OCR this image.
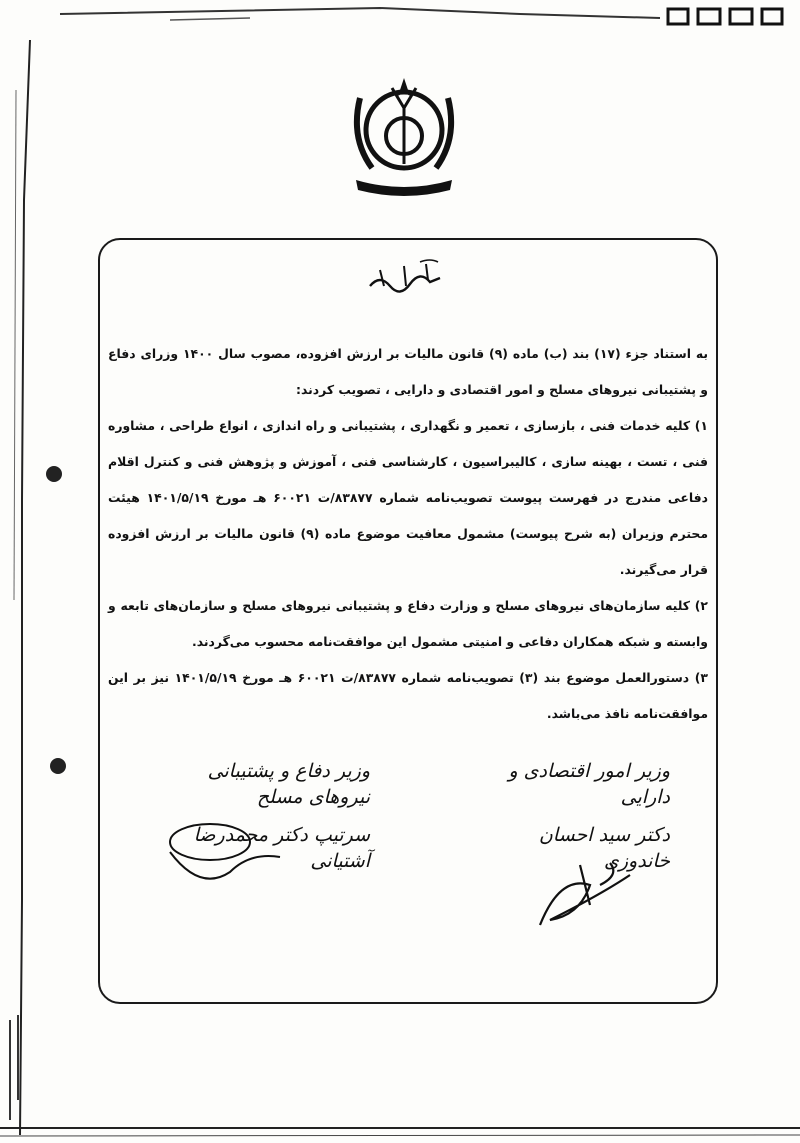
به استناد جزء (۱۷) بند (ب) ماده (۹) قانون مالیات بر ارزش افزوده، مصوب سال ۱۴۰۰ وزرای دفاع و پشتیبانی نیروهای مسلح و امور اقتصادی و دارایی ، تصویب کردند:

۱) کلیه خدمات فنی ، بازسازی ، تعمیر و نگهداری ، پشتیبانی و راه اندازی ، انواع طراحی ، مشاوره فنی ، تست ، بهینه سازی ، کالیبراسیون ، کارشناسی فنی ، آموزش و پژوهش فنی و کنترل اقلام دفاعی مندرج در فهرست پیوست تصویب‌نامه شماره ۸۳۸۷۷/ت ۶۰۰۲۱ هـ مورخ ۱۴۰۱/۵/۱۹ هیئت محترم وزیران (به شرح پیوست) مشمول معافیت موضوع ماده (۹) قانون مالیات بر ارزش افزوده قرار می‌گیرند.

۲) کلیه سازمان‌های نیروهای مسلح و وزارت دفاع و پشتیبانی نیروهای مسلح و سازمان‌های تابعه و وابسته و شبکه همکاران دفاعی و امنیتی مشمول این موافقت‌نامه محسوب می‌گردند.

۳) دستورالعمل موضوع بند (۳) تصویب‌نامه شماره ۸۳۸۷۷/ت ۶۰۰۲۱ هـ مورخ ۱۴۰۱/۵/۱۹ نیز بر این موافقت‌نامه نافذ می‌باشد.

وزیر امور اقتصادی و دارایی
دکتر سید احسان خاندوزی
وزیر دفاع و پشتیبانی نیروهای مسلح
سرتیپ دکتر محمدرضا آشتیانی
